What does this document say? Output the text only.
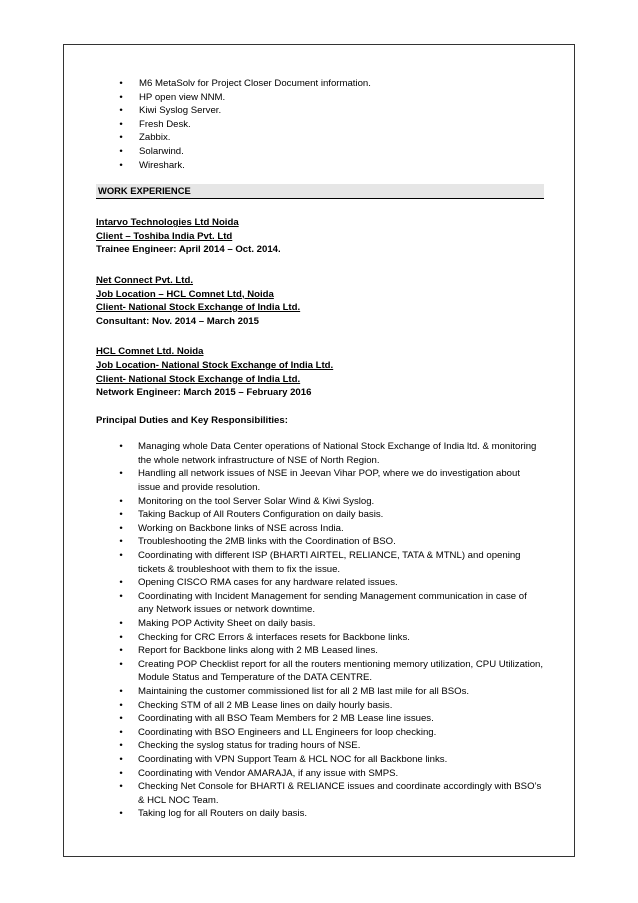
• M6 MetaSolv for Project Closer Document information.
• HP open view NNM.
• Kiwi Syslog Server.
• Fresh Desk.
• Zabbix.
• Solarwind.
• Wireshark.
WORK EXPERIENCE

Intarvo Technologies Ltd Noida

Client – Toshiba India Pvt. Ltd

Trainee Engineer: April 2014 – Oct. 2014.

Net Connect Pvt. Ltd.

Job Location – HCL Comnet Ltd, Noida

Client- National Stock Exchange of India Ltd.

Consultant: Nov. 2014 – March 2015

HCL Comnet Ltd. Noida

Job Location- National Stock Exchange of India Ltd.

Client- National Stock Exchange of India Ltd.

Network Engineer: March 2015 – February 2016

Principal Duties and Key Responsibilities:
• Managing whole Data Center operations of National Stock Exchange of India ltd. & monitoring the whole network infrastructure of NSE of North Region.
• Handling all network issues of NSE in Jeevan Vihar POP, where we do investigation about issue and provide resolution.
• Monitoring on the tool Server Solar Wind & Kiwi Syslog.
• Taking Backup of All Routers Configuration on daily basis.
• Working on Backbone links of NSE across India.
• Troubleshooting the 2MB links with the Coordination of BSO.
• Coordinating with different ISP (BHARTI AIRTEL, RELIANCE, TATA & MTNL) and opening tickets & troubleshoot with them to fix the issue.
• Opening CISCO RMA cases for any hardware related issues.
• Coordinating with Incident Management for sending Management communication in case of any Network issues or network downtime.
• Making POP Activity Sheet on daily basis.
• Checking for CRC Errors & interfaces resets for Backbone links.
• Report for Backbone links along with 2 MB Leased lines.
• Creating POP Checklist report for all the routers mentioning memory utilization, CPU Utilization, Module Status and Temperature of the DATA CENTRE.
• Maintaining the customer commissioned list for all 2 MB last mile for all BSOs.
• Checking STM of all 2 MB Lease lines on daily hourly basis.
• Coordinating with all BSO Team Members for 2 MB Lease line issues.
• Coordinating with BSO Engineers and LL Engineers for loop checking.
• Checking the syslog status for trading hours of NSE.
• Coordinating with VPN Support Team & HCL NOC for all Backbone links.
• Coordinating with Vendor AMARAJA, if any issue with SMPS.
• Checking Net Console for BHARTI & RELIANCE issues and coordinate accordingly with BSO’s & HCL NOC Team.
• Taking log for all Routers on daily basis.
